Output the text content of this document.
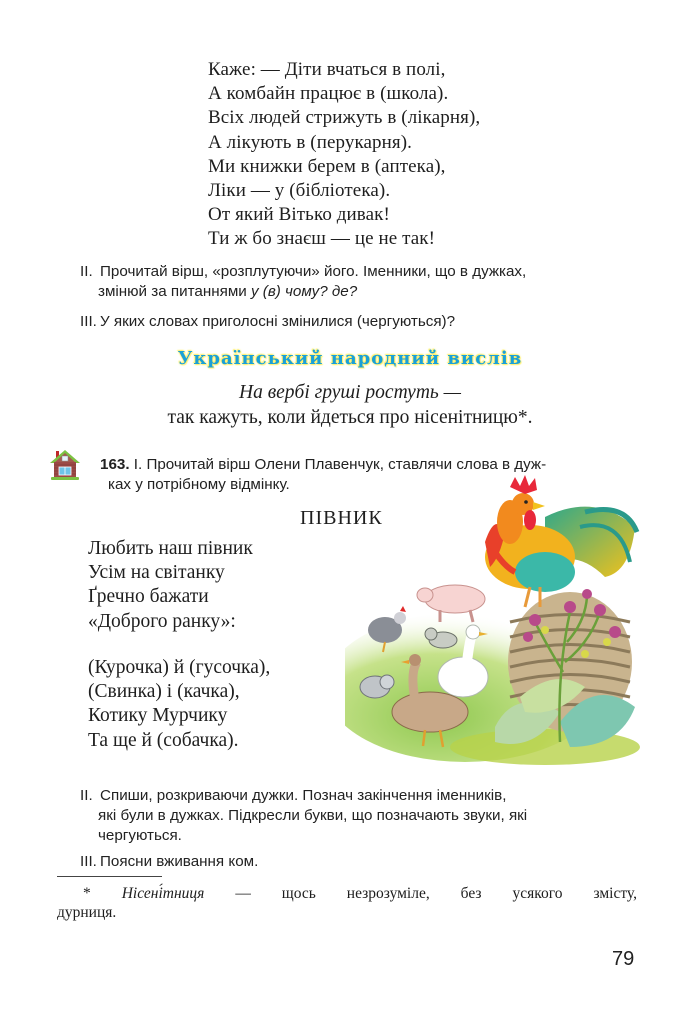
Каже: — Діти вчаться в полі,
А комбайн працює в (школа).
Всіх людей стрижуть в (лікарня),
А лікують в (перукарня).
Ми книжки берем в (аптека),
Ліки — у (бібліотека).
От який Вітько дивак!
Ти ж бо знаєш — це не так!
II. Прочитай вірш, «розплутуючи» його. Іменники, що в дужках,
змінюй за питаннями у (в) чому? де?
III. У яких словах приголосні змінилися (чергуються)?
Український народний вислів
На вербі груші ростуть —
так кажуть, коли йдеться про нісенітницю*.
163. І. Прочитай вірш Олени Плавенчук, ставлячи слова в дуж-
ках у потрібному відмінку.
ПІВНИК
Любить наш півник
Усім на світанку
Ґречно бажати
«Доброго ранку»:
(Курочка) й (гусочка),
(Свинка) і (качка),
Котику Мурчику
Та ще й (собачка).
II. Спиши, розкриваючи дужки. Познач закінчення іменників,
які були в дужках. Підкресли букви, що позначають звуки, які
чергуються.
III. Поясни вживання ком.
* Нісені́тниця — щось незрозуміле, без усякого змісту,
дурниця.
79
